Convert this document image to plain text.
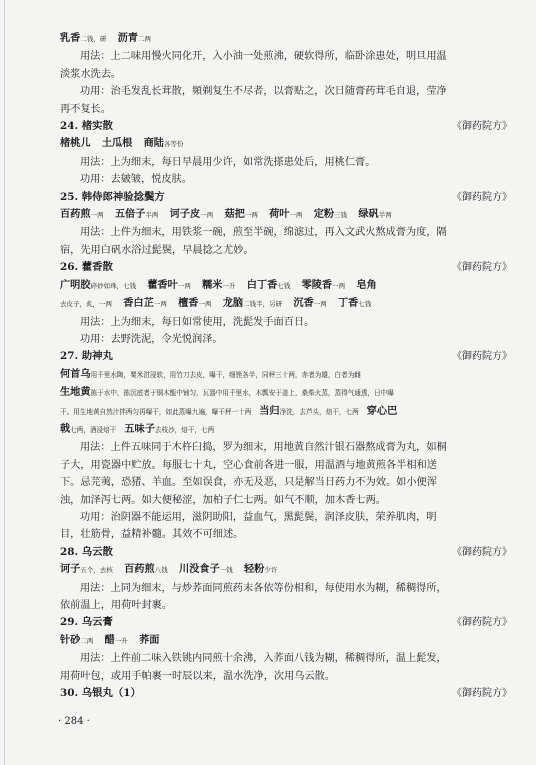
乳香二钱，研 沥青二两
用法：上二味用慢火同化开，入小油一处煎沸，硬软得所，临卧涂患处，明旦用温
淡浆水洗去。
功用：治毛发乱长茸散，頻剃复生不尽者，以膏贴之，次日随膏药茸毛自退，莹净
再不复长。
24. 楮实散	《御药院方》
楮桃儿 土瓜根 商陆各等份
用法：上为细末，每日早晨用少许，如常洗搽患处后，用桃仁膏。
功用：去皴皱，悦皮肤。
25. 韩侍郎神验捻鬓方	《御药院方》
百药煎一两 五倍子半两 诃子皮一两 菇把一两 荷叶一两 定粉三钱 绿矾半两
用法：上件为细末，用铁浆一碗，煎至半碗，绵滤过，再入文武火熬成膏为度，隔
宿，先用白矾水浴过髭鬓，早晨捻之尤妙。
26. 藿香散	《御药院方》
广明胶碎炒如珠，七钱 藿香叶一两 糯米一升 白丁香七钱 零陵香一两 皂角
去皮子，炙，一两 香白芷一两 檀香一两 龙脑二钱半，另研 沉香一两 丁香七钱
用法：上为细末，每日如常使用，洗髭发手面百日。
功用：去野洗泥，令光悦润泽。
27. 助神丸	《御药院方》
何首乌用千里水陶，粟米泔浸软，用竹刀去皮，曝干，细锉各半，同秤三十两，赤者为雄，白者为雌
生地黄拣于水中，拣沉底者于铜木甑中铺匀，瓦器中用千里水，木瓢安于釜上，桑柴火蒸，蒸得气通透，日中曝
干。用生地黄自然汁拌两匀再曝干，如此蒸曝九遍，曝干秤一十两 当归净洗，去芦头，焙干，七两 穿心巴
戟七两，酒浸焙干 五味子去枝沙，焙干，七两
用法：上件五味同于木杵臼捣，罗为细末，用地黄自然汁银石器熬成膏为丸，如桐
子大，用瓷器中贮放。每服七十丸，空心食前各进一服，用温酒与地黄煎各半相和送
下。忌芫荑，恐猪、羊血。至如误食，亦无及恶，只是解当日药力不为效。如小便浑
浊，加泽泻七两。如大便秘涩，加柏子仁七两。如气不顺，加木香七两。
功用：治阴器不能运用，滋阴助阳，益血气，黑髭鬓，润泽皮肤，荣养肌肉，明
目，壮筋骨，益精补髓。其效不可细述。
28. 乌云散	《御药院方》
诃子五个，去核 百药煎八钱 川没食子一钱 轻粉少许
用法：上同为细末，与炒荞面同煎药末各依等份相和，每使用水为糊，稀稠得所，
依前温上，用荷叶封裹。
29. 乌云膏	《御药院方》
针砂二两 醋一升 荞面
用法：上件前二味入铁铫内同煎十余沸，入荞面八钱为糊，稀稠得所，温上髭发，
用荷叶包，或用手帕裹一时辰以来，温水洗净，次用乌云散。
30. 乌银丸（1）	《御药院方》
· 284 ·
